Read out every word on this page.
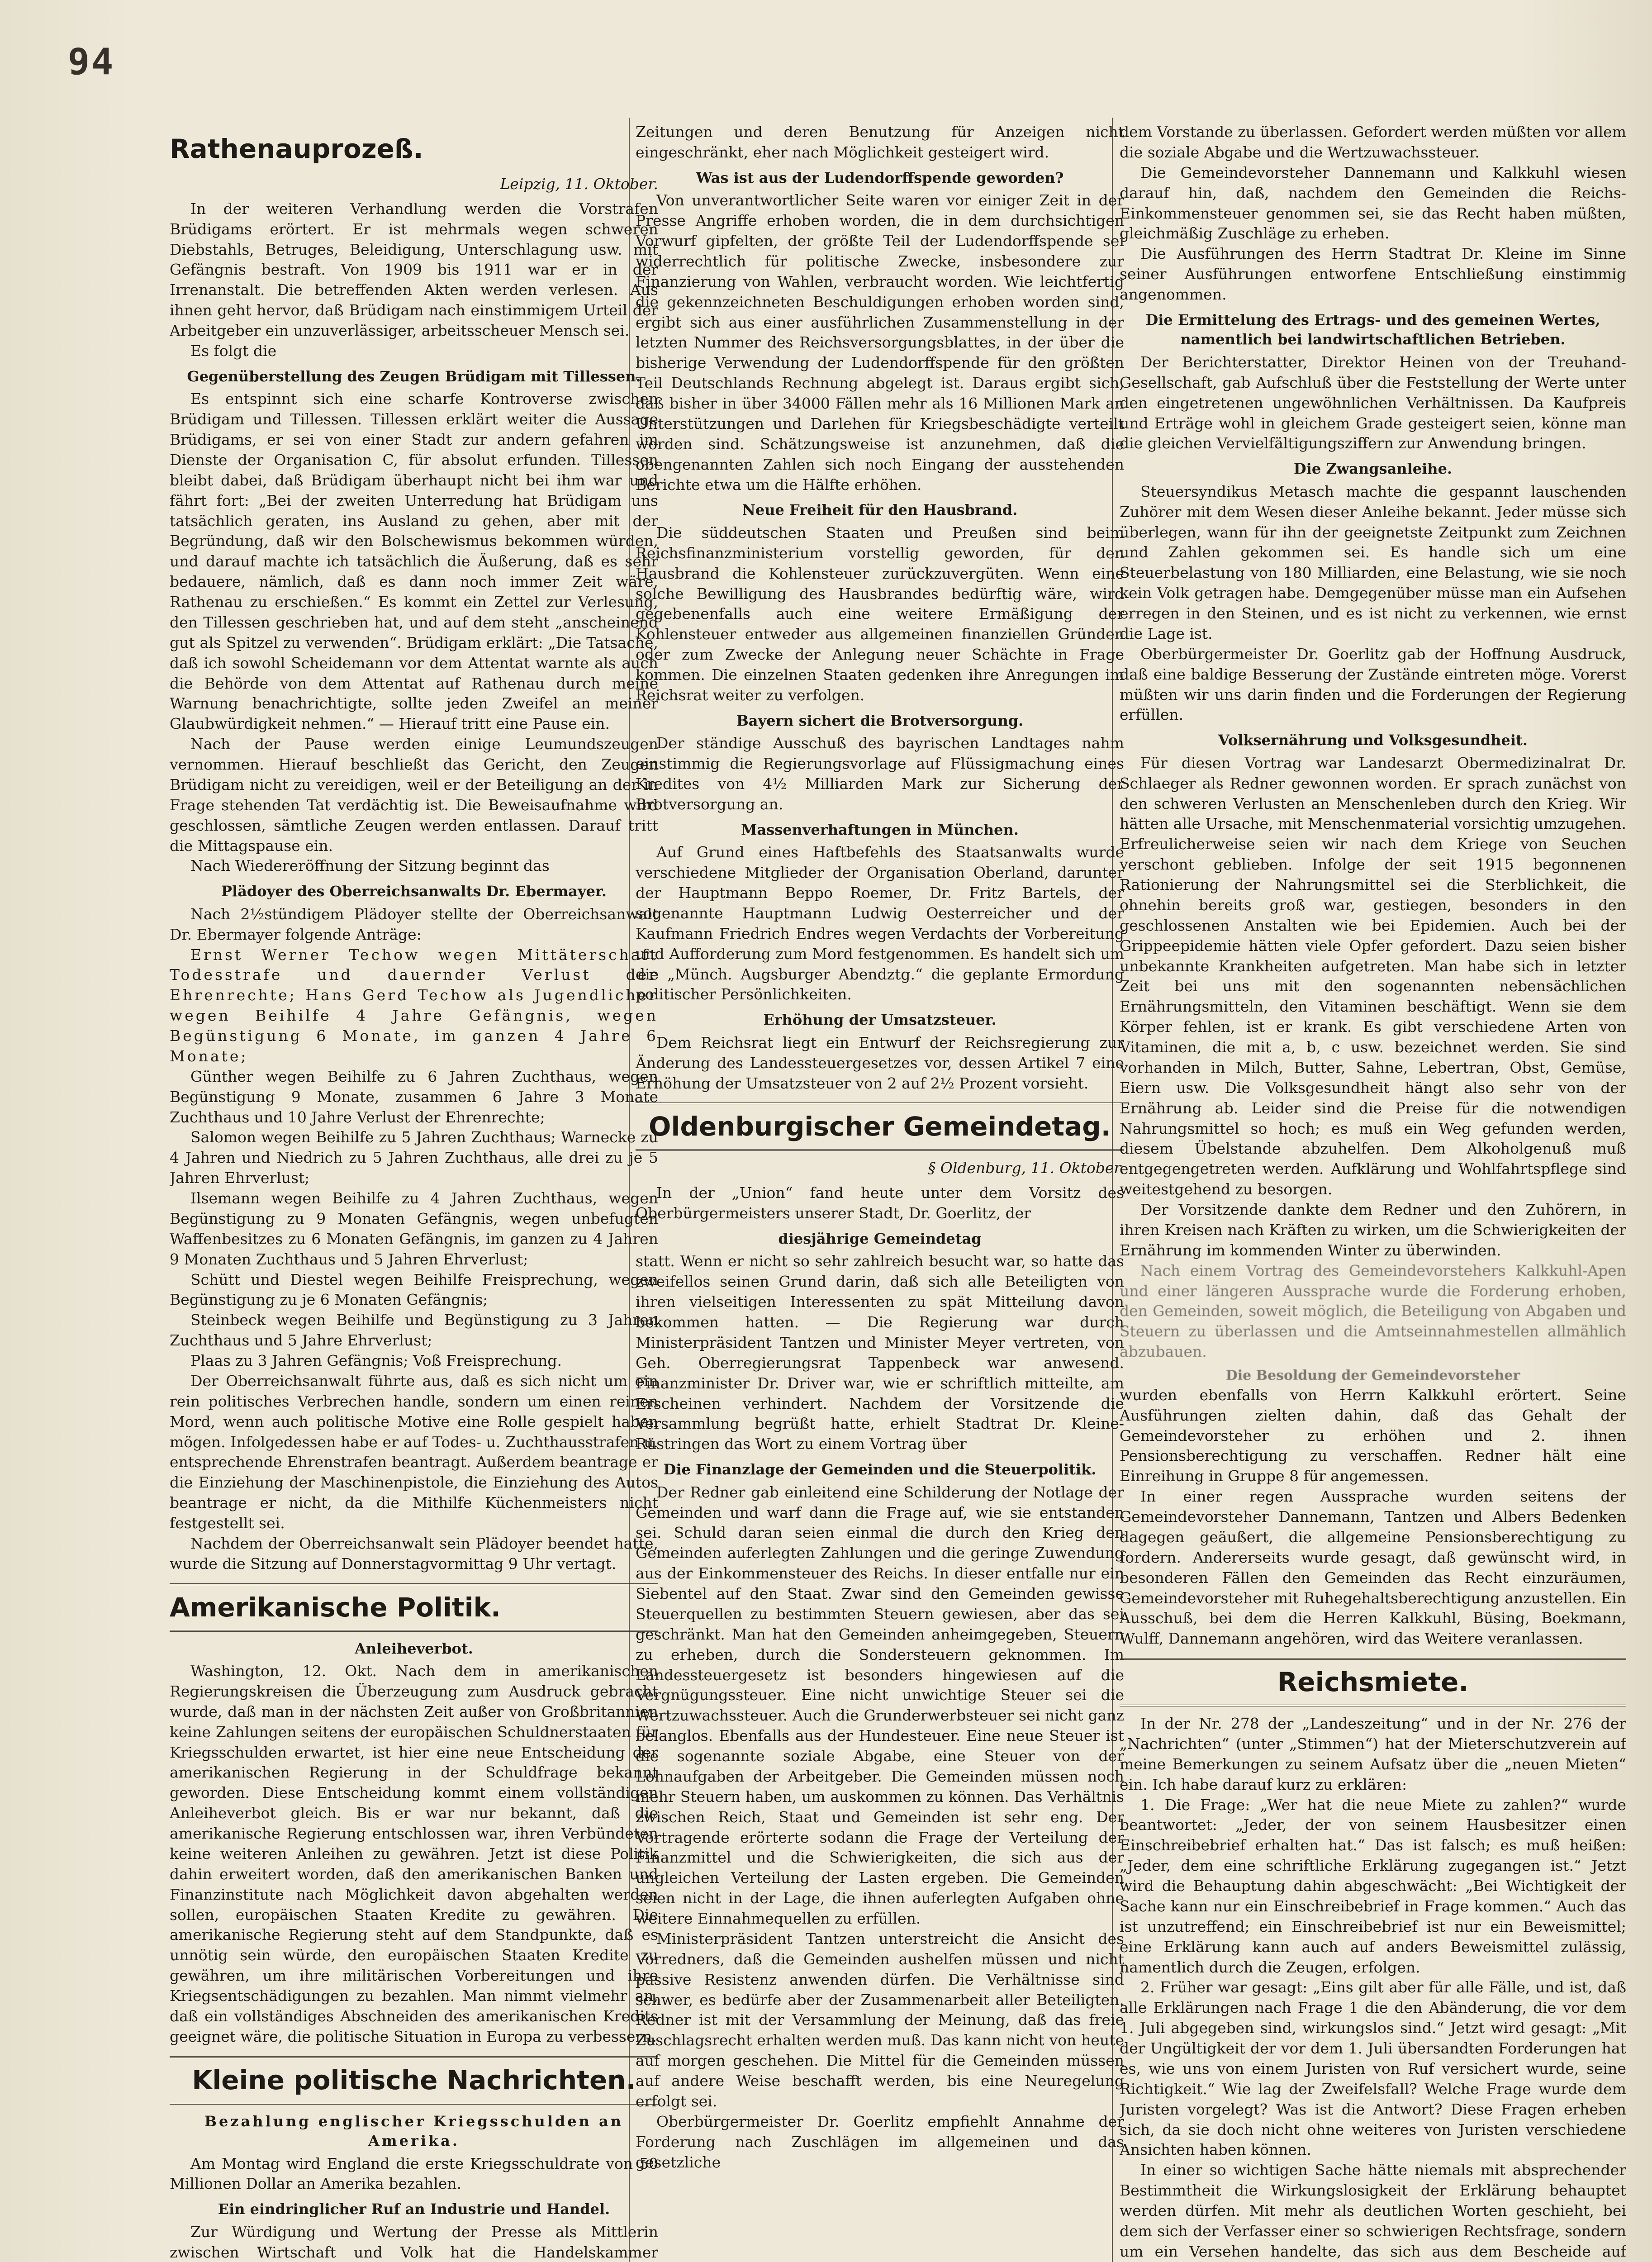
94
Rathenauprozeß.
Leipzig, 11. Oktober.

In der weiteren Verhandlung werden die Vorstrafen Brüdigams erörtert. Er ist mehrmals wegen schweren Diebstahls, Betruges, Beleidigung, Unterschlagung usw. mit Gefängnis bestraft. Von 1909 bis 1911 war er in der Irrenanstalt. Die betreffenden Akten werden verlesen. Aus ihnen geht hervor, daß Brüdigam nach einstimmigem Urteil der Arbeitgeber ein unzuverlässiger, arbeitsscheuer Mensch sei.

Es folgt die

Gegenüberstellung des Zeugen Brüdigam mit Tillessen.

Es entspinnt sich eine scharfe Kontroverse zwischen Brüdigam und Tillessen. Tillessen erklärt weiter die Aussage Brüdigams, er sei von einer Stadt zur andern gefahren im Dienste der Organisation C, für absolut erfunden. Tillessen bleibt dabei, daß Brüdigam überhaupt nicht bei ihm war und fährt fort: „Bei der zweiten Unterredung hat Brüdigam uns tatsächlich geraten, ins Ausland zu gehen, aber mit der Begründung, daß wir den Bolschewismus bekommen würden, und darauf machte ich tatsächlich die Äußerung, daß es sehr bedauere, nämlich, daß es dann noch immer Zeit wäre, Rathenau zu erschießen.“ Es kommt ein Zettel zur Verlesung, den Tillessen geschrieben hat, und auf dem steht „anscheinend gut als Spitzel zu verwenden“. Brüdigam erklärt: „Die Tatsache, daß ich sowohl Scheidemann vor dem Attentat warnte als auch die Behörde von dem Attentat auf Rathenau durch meine Warnung benachrichtigte, sollte jeden Zweifel an meiner Glaubwürdigkeit nehmen.“ — Hierauf tritt eine Pause ein.

Nach der Pause werden einige Leumundszeugen vernommen. Hierauf beschließt das Gericht, den Zeugen Brüdigam nicht zu vereidigen, weil er der Beteiligung an der in Frage stehenden Tat verdächtig ist. Die Beweisaufnahme wird geschlossen, sämtliche Zeugen werden entlassen. Darauf tritt die Mittagspause ein.

Nach Wiedereröffnung der Sitzung beginnt das

Plädoyer des Oberreichsanwalts Dr. Ebermayer.

Nach 2½stündigem Plädoyer stellte der Oberreichsanwalt Dr. Ebermayer folgende Anträge:

Ernst Werner Techow wegen Mittäterschaft Todesstrafe und dauernder Verlust der Ehrenrechte; Hans Gerd Techow als Jugendlicher wegen Beihilfe 4 Jahre Gefängnis, wegen Begünstigung 6 Monate, im ganzen 4 Jahre 6 Monate;

Günther wegen Beihilfe zu 6 Jahren Zuchthaus, wegen Begünstigung 9 Monate, zusammen 6 Jahre 3 Monate Zuchthaus und 10 Jahre Verlust der Ehrenrechte;

Salomon wegen Beihilfe zu 5 Jahren Zuchthaus; Warnecke zu 4 Jahren und Niedrich zu 5 Jahren Zuchthaus, alle drei zu je 5 Jahren Ehrverlust;

Ilsemann wegen Beihilfe zu 4 Jahren Zuchthaus, wegen Begünstigung zu 9 Monaten Gefängnis, wegen unbefugten Waffenbesitzes zu 6 Monaten Gefängnis, im ganzen zu 4 Jahren 9 Monaten Zuchthaus und 5 Jahren Ehrverlust;

Schütt und Diestel wegen Beihilfe Freisprechung, wegen Begünstigung zu je 6 Monaten Gefängnis;

Steinbeck wegen Beihilfe und Begünstigung zu 3 Jahren Zuchthaus und 5 Jahre Ehrverlust;

Plaas zu 3 Jahren Gefängnis; Voß Freisprechung.

Der Oberreichsanwalt führte aus, daß es sich nicht um ein rein politisches Verbrechen handle, sondern um einen reinen Mord, wenn auch politische Motive eine Rolle gespielt haben mögen. Infolgedessen habe er auf Todes- u. Zuchthausstrafen u. entsprechende Ehrenstrafen beantragt. Außerdem beantrage er die Einziehung der Maschinenpistole, die Einziehung des Autos beantrage er nicht, da die Mithilfe Küchenmeisters nicht festgestellt sei.

Nachdem der Oberreichsanwalt sein Plädoyer beendet hatte, wurde die Sitzung auf Donnerstagvormittag 9 Uhr vertagt.

Amerikanische Politik.
Anleiheverbot.

Washington, 12. Okt. Nach dem in amerikanischen Regierungskreisen die Überzeugung zum Ausdruck gebracht wurde, daß man in der nächsten Zeit außer von Großbritannien keine Zahlungen seitens der europäischen Schuldnerstaaten für Kriegsschulden erwartet, ist hier eine neue Entscheidung der amerikanischen Regierung in der Schuldfrage bekannt geworden. Diese Entscheidung kommt einem vollständigen Anleiheverbot gleich. Bis er war nur bekannt, daß die amerikanische Regierung entschlossen war, ihren Verbündeten keine weiteren Anleihen zu gewähren. Jetzt ist diese Politik dahin erweitert worden, daß den amerikanischen Banken und Finanzinstitute nach Möglichkeit davon abgehalten werden sollen, europäischen Staaten Kredite zu gewähren. Die amerikanische Regierung steht auf dem Standpunkte, daß es unnötig sein würde, den europäischen Staaten Kredite zu gewähren, um ihre militärischen Vorbereitungen und ihre Kriegsentschädigungen zu bezahlen. Man nimmt vielmehr an, daß ein vollständiges Abschneiden des amerikanischen Kredits geeignet wäre, die politische Situation in Europa zu verbessern.

Kleine politische Nachrichten.
Bezahlung englischer Kriegsschulden an Amerika.

Am Montag wird England die erste Kriegsschuldrate von 50 Millionen Dollar an Amerika bezahlen.

Ein eindringlicher Ruf an Industrie und Handel.

Zur Würdigung und Wertung der Presse als Mittlerin zwischen Wirtschaft und Volk hat die Handelskammer

Zeitungen und deren Benutzung für Anzeigen nicht eingeschränkt, eher nach Möglichkeit gesteigert wird.

Was ist aus der Ludendorffspende geworden?

Von unverantwortlicher Seite waren vor einiger Zeit in der Presse Angriffe erhoben worden, die in dem durchsichtigen Vorwurf gipfelten, der größte Teil der Ludendorffspende sei widerrechtlich für politische Zwecke, insbesondere zur Finanzierung von Wahlen, verbraucht worden. Wie leichtfertig die gekennzeichneten Beschuldigungen erhoben worden sind, ergibt sich aus einer ausführlichen Zusammenstellung in der letzten Nummer des Reichsversorgungsblattes, in der über die bisherige Verwendung der Ludendorffspende für den größten Teil Deutschlands Rechnung abgelegt ist. Daraus ergibt sich, daß bisher in über 34000 Fällen mehr als 16 Millionen Mark an Unterstützungen und Darlehen für Kriegsbeschädigte verteilt worden sind. Schätzungsweise ist anzunehmen, daß die obengenannten Zahlen sich noch Eingang der ausstehenden Berichte etwa um die Hälfte erhöhen.

Neue Freiheit für den Hausbrand.

Die süddeutschen Staaten und Preußen sind beim Reichsfinanzministerium vorstellig geworden, für den Hausbrand die Kohlensteuer zurückzuvergüten. Wenn eine solche Bewilligung des Hausbrandes bedürftig wäre, wird gegebenenfalls auch eine weitere Ermäßigung der Kohlensteuer entweder aus allgemeinen finanziellen Gründen oder zum Zwecke der Anlegung neuer Schächte in Frage kommen. Die einzelnen Staaten gedenken ihre Anregungen im Reichsrat weiter zu verfolgen.

Bayern sichert die Brotversorgung.

Der ständige Ausschuß des bayrischen Landtages nahm einstimmig die Regierungsvorlage auf Flüssigmachung eines Kredites von 4½ Milliarden Mark zur Sicherung der Brotversorgung an.

Massenverhaftungen in München.

Auf Grund eines Haftbefehls des Staatsanwalts wurde verschiedene Mitglieder der Organisation Oberland, darunter der Hauptmann Beppo Roemer, Dr. Fritz Bartels, der sogenannte Hauptmann Ludwig Oesterreicher und der Kaufmann Friedrich Endres wegen Verdachts der Vorbereitung und Aufforderung zum Mord festgenommen. Es handelt sich um die „Münch. Augsburger Abendztg.“ die geplante Ermordung politischer Persönlichkeiten.

Erhöhung der Umsatzsteuer.

Dem Reichsrat liegt ein Entwurf der Reichsregierung zur Änderung des Landessteuergesetzes vor, dessen Artikel 7 eine Erhöhung der Umsatzsteuer von 2 auf 2½ Prozent vorsieht.

Oldenburgischer Gemeindetag.
§ Oldenburg, 11. Oktober.

In der „Union“ fand heute unter dem Vorsitz des Oberbürgermeisters unserer Stadt, Dr. Goerlitz, der

diesjährige Gemeindetag

statt. Wenn er nicht so sehr zahlreich besucht war, so hatte das zweifellos seinen Grund darin, daß sich alle Beteiligten von ihren vielseitigen Interessenten zu spät Mitteilung davon bekommen hatten. — Die Regierung war durch Ministerpräsident Tantzen und Minister Meyer vertreten, von Geh. Oberregierungsrat Tappenbeck war anwesend. Finanzminister Dr. Driver war, wie er schriftlich mitteilte, am Erscheinen verhindert. Nachdem der Vorsitzende die Versammlung begrüßt hatte, erhielt Stadtrat Dr. Kleine-Rüstringen das Wort zu einem Vortrag über

Die Finanzlage der Gemeinden und die Steuerpolitik.

Der Redner gab einleitend eine Schilderung der Notlage der Gemeinden und warf dann die Frage auf, wie sie entstanden sei. Schuld daran seien einmal die durch den Krieg den Gemeinden auferlegten Zahlungen und die geringe Zuwendung aus der Einkommensteuer des Reichs. In dieser entfalle nur ein Siebentel auf den Staat. Zwar sind den Gemeinden gewisse Steuerquellen zu bestimmten Steuern gewiesen, aber das sei geschränkt. Man hat den Gemeinden anheimgegeben, Steuern zu erheben, durch die Sondersteuern geknommen. Im Landessteuergesetz ist besonders hingewiesen auf die Vergnügungssteuer. Eine nicht unwichtige Steuer sei die Wertzuwachssteuer. Auch die Grunderwerbsteuer sei nicht ganz belanglos. Ebenfalls aus der Hundesteuer. Eine neue Steuer ist die sogenannte soziale Abgabe, eine Steuer von der Lohnaufgaben der Arbeitgeber. Die Gemeinden müssen noch mehr Steuern haben, um auskommen zu können. Das Verhältnis zwischen Reich, Staat und Gemeinden ist sehr eng. Der Vortragende erörterte sodann die Frage der Verteilung der Finanzmittel und die Schwierigkeiten, die sich aus der ungleichen Verteilung der Lasten ergeben. Die Gemeinden seien nicht in der Lage, die ihnen auferlegten Aufgaben ohne weitere Einnahmequellen zu erfüllen.

Ministerpräsident Tantzen unterstreicht die Ansicht des Vorredners, daß die Gemeinden aushelfen müssen und nicht passive Resistenz anwenden dürfen. Die Verhältnisse sind schwer, es bedürfe aber der Zusammenarbeit aller Beteiligten. Redner ist mit der Versammlung der Meinung, daß das freie Zuschlagsrecht erhalten werden muß. Das kann nicht von heute auf morgen geschehen. Die Mittel für die Gemeinden müssen auf andere Weise beschafft werden, bis eine Neuregelung erfolgt sei.

Oberbürgermeister Dr. Goerlitz empfiehlt Annahme der Forderung nach Zuschlägen im allgemeinen und das gesetzliche

dem Vorstande zu überlassen. Gefordert werden müßten vor allem die soziale Abgabe und die Wertzuwachssteuer.

Die Gemeindevorsteher Dannemann und Kalkkuhl wiesen darauf hin, daß, nachdem den Gemeinden die Reichs-Einkommensteuer genommen sei, sie das Recht haben müßten, gleichmäßig Zuschläge zu erheben.

Die Ausführungen des Herrn Stadtrat Dr. Kleine im Sinne seiner Ausführungen entworfene Entschließung einstimmig angenommen.

Die Ermittelung des Ertrags- und des gemeinen Wertes, namentlich bei landwirtschaftlichen Betrieben.

Der Berichterstatter, Direktor Heinen von der Treuhand-Gesellschaft, gab Aufschluß über die Feststellung der Werte unter den eingetretenen ungewöhnlichen Verhältnissen. Da Kaufpreis und Erträge wohl in gleichem Grade gesteigert seien, könne man die gleichen Vervielfältigungsziffern zur Anwendung bringen.

Die Zwangsanleihe.

Steuersyndikus Metasch machte die gespannt lauschenden Zuhörer mit dem Wesen dieser Anleihe bekannt. Jeder müsse sich überlegen, wann für ihn der geeignetste Zeitpunkt zum Zeichnen und Zahlen gekommen sei. Es handle sich um eine Steuerbelastung von 180 Milliarden, eine Belastung, wie sie noch kein Volk getragen habe. Demgegenüber müsse man ein Aufsehen erregen in den Steinen, und es ist nicht zu verkennen, wie ernst die Lage ist.

Oberbürgermeister Dr. Goerlitz gab der Hoffnung Ausdruck, daß eine baldige Besserung der Zustände eintreten möge. Vorerst müßten wir uns darin finden und die Forderungen der Regierung erfüllen.

Volksernährung und Volksgesundheit.

Für diesen Vortrag war Landesarzt Obermedizinalrat Dr. Schlaeger als Redner gewonnen worden. Er sprach zunächst von den schweren Verlusten an Menschenleben durch den Krieg. Wir hätten alle Ursache, mit Menschenmaterial vorsichtig umzugehen. Erfreulicherweise seien wir nach dem Kriege von Seuchen verschont geblieben. Infolge der seit 1915 begonnenen Rationierung der Nahrungsmittel sei die Sterblichkeit, die ohnehin bereits groß war, gestiegen, besonders in den geschlossenen Anstalten wie bei Epidemien. Auch bei der Grippeepidemie hätten viele Opfer gefordert. Dazu seien bisher unbekannte Krankheiten aufgetreten. Man habe sich in letzter Zeit bei uns mit den sogenannten nebensächlichen Ernährungsmitteln, den Vitaminen beschäftigt. Wenn sie dem Körper fehlen, ist er krank. Es gibt verschiedene Arten von Vitaminen, die mit a, b, c usw. bezeichnet werden. Sie sind vorhanden in Milch, Butter, Sahne, Lebertran, Obst, Gemüse, Eiern usw. Die Volksgesundheit hängt also sehr von der Ernährung ab. Leider sind die Preise für die notwendigen Nahrungsmittel so hoch; es muß ein Weg gefunden werden, diesem Übelstande abzuhelfen. Dem Alkoholgenuß muß entgegengetreten werden. Aufklärung und Wohlfahrtspflege sind weitestgehend zu besorgen.

Der Vorsitzende dankte dem Redner und den Zuhörern, in ihren Kreisen nach Kräften zu wirken, um die Schwierigkeiten der Ernährung im kommenden Winter zu überwinden.

Nach einem Vortrag des Gemeindevorstehers Kalkkuhl-Apen und einer längeren Aussprache wurde die Forderung erhoben, den Gemeinden, soweit möglich, die Beteiligung von Abgaben und Steuern zu überlassen und die Amtseinnahmestellen allmählich abzubauen.

Die Besoldung der Gemeindevorsteher

wurden ebenfalls von Herrn Kalkkuhl erörtert. Seine Ausführungen zielten dahin, daß das Gehalt der Gemeindevorsteher zu erhöhen und 2. ihnen Pensionsberechtigung zu verschaffen. Redner hält eine Einreihung in Gruppe 8 für angemessen.

In einer regen Aussprache wurden seitens der Gemeindevorsteher Dannemann, Tantzen und Albers Bedenken dagegen geäußert, die allgemeine Pensionsberechtigung zu fordern. Andererseits wurde gesagt, daß gewünscht wird, in besonderen Fällen den Gemeinden das Recht einzuräumen, Gemeindevorsteher mit Ruhegehaltsberechtigung anzustellen. Ein Ausschuß, bei dem die Herren Kalkkuhl, Büsing, Boekmann, Wulff, Dannemann angehören, wird das Weitere veranlassen.

Reichsmiete.

In der Nr. 278 der „Landeszeitung“ und in der Nr. 276 der „Nachrichten“ (unter „Stimmen“) hat der Mieterschutzverein auf meine Bemerkungen zu seinem Aufsatz über die „neuen Mieten“ ein. Ich habe darauf kurz zu erklären:

1. Die Frage: „Wer hat die neue Miete zu zahlen?“ wurde beantwortet: „Jeder, der von seinem Hausbesitzer einen Einschreibebrief erhalten hat.“ Das ist falsch; es muß heißen: „Jeder, dem eine schriftliche Erklärung zugegangen ist.“ Jetzt wird die Behauptung dahin abgeschwächt: „Bei Wichtigkeit der Sache kann nur ein Einschreibebrief in Frage kommen.“ Auch das ist unzutreffend; ein Einschreibebrief ist nur ein Beweismittel; eine Erklärung kann auch auf anders Beweismittel zulässig, namentlich durch die Zeugen, erfolgen.

2. Früher war gesagt: „Eins gilt aber für alle Fälle, und ist, daß alle Erklärungen nach Frage 1 die den Abänderung, die vor dem 1. Juli abgegeben sind, wirkungslos sind.“ Jetzt wird gesagt: „Mit der Ungültigkeit der vor dem 1. Juli übersandten Forderungen hat es, wie uns von einem Juristen von Ruf versichert wurde, seine Richtigkeit.“ Wie lag der Zweifelsfall? Welche Frage wurde dem Juristen vorgelegt? Was ist die Antwort? Diese Fragen erheben sich, da sie doch nicht ohne weiteres von Juristen verschiedene Ansichten haben können.

In einer so wichtigen Sache hätte niemals mit absprechender Bestimmtheit die Wirkungslosigkeit der Erklärung behauptet werden dürfen. Mit mehr als deutlichen Worten geschieht, bei dem sich der Verfasser einer so schwierigen Rechtsfrage, sondern um ein Versehen handelte, das sich aus dem Bescheide auf
